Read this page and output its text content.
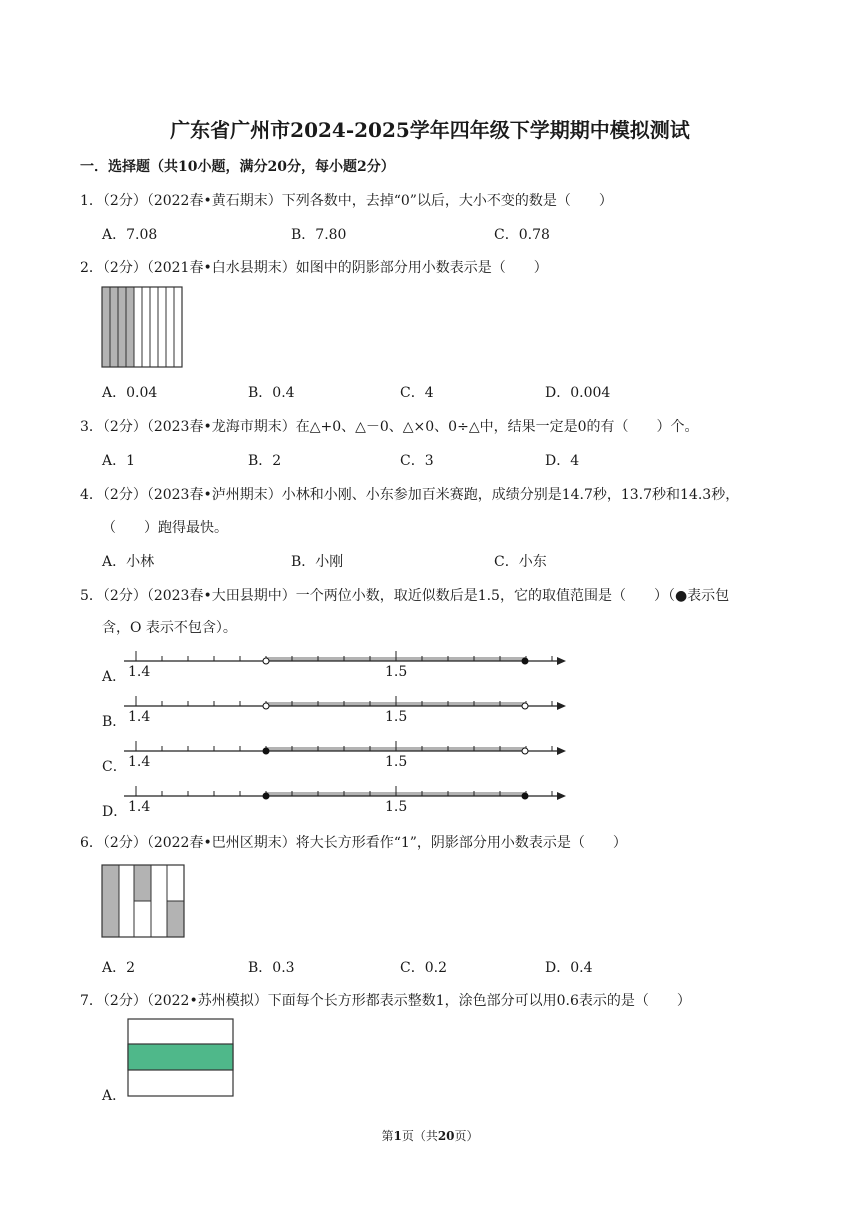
广东省广州市2024-2025学年四年级下学期期中模拟测试
一．选择题（共10小题，满分20分，每小题2分）
1．（2分）（2022春•黄石期末）下列各数中，去掉“0”以后，大小不变的数是（　　）
A．7.08	B．7.80	C．0.78
2．（2分）（2021春•白水县期末）如图中的阴影部分用小数表示是（　　）
A．0.04	B．0.4	C．4	D．0.004
3．（2分）（2023春•龙海市期末）在△+0、△－0、△×0、0÷△中，结果一定是0的有（　　）个。
A．1	B．2	C．3	D．4
4．（2分）（2023春•泸州期末）小林和小刚、小东参加百米赛跑，成绩分别是14.7秒，13.7秒和14.3秒，
（　　）跑得最快。
A．小林	B．小刚	C．小东
5．（2分）（2023春•大田县期中）一个两位小数，取近似数后是1.5，它的取值范围是（　　）（●表示包
含，O 表示不包含）。
A．
B．
C．
D．
1.4	1.5
1.4	1.5
1.4	1.5
1.4	1.5
6．（2分）（2022春•巴州区期末）将大长方形看作“1”，阴影部分用小数表示是（　　）
A．2	B．0.3	C．0.2	D．0.4
7．（2分）（2022•苏州模拟）下面每个长方形都表示整数1，涂色部分可以用0.6表示的是（　　）
A．
第1页（共20页）
